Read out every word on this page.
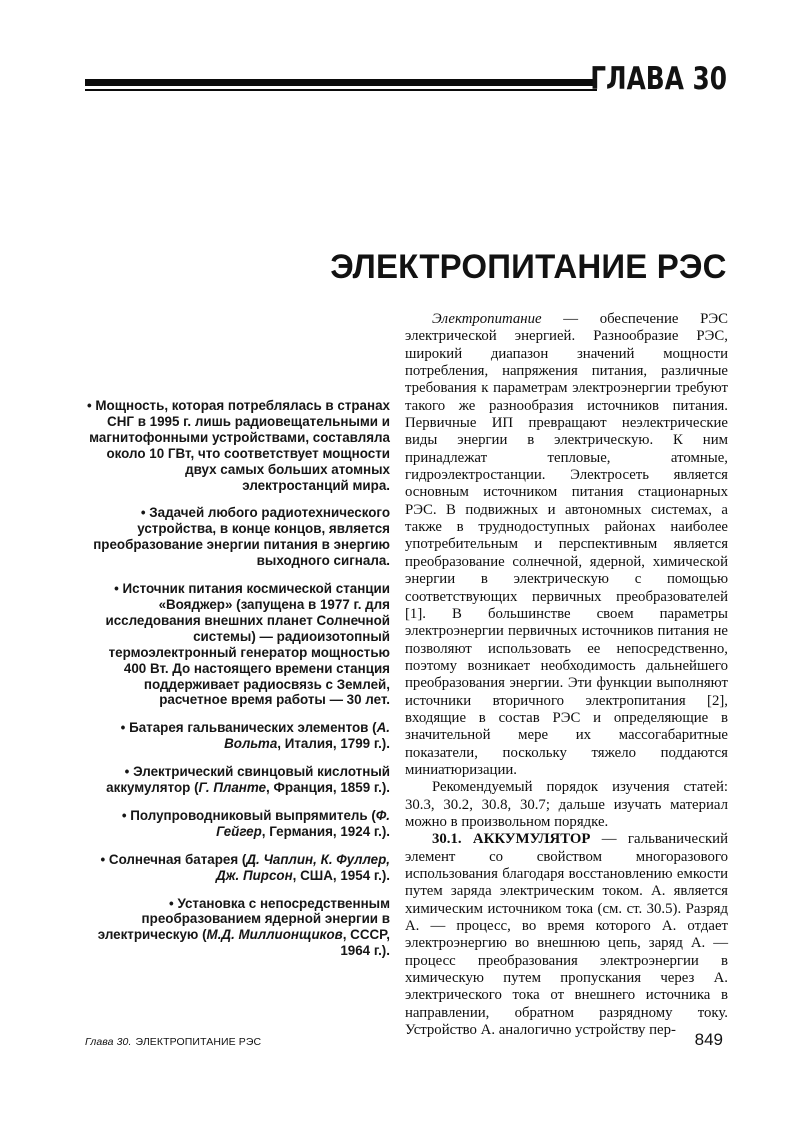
ГЛАВА 30
ЭЛЕКТРОПИТАНИЕ РЭС
• Мощность, которая потреблялась в странах СНГ в 1995 г. лишь радиовещательными и магнитофонными устройствами, составляла около 10 ГВт, что соответствует мощности двух самых больших атомных электростанций мира.
• Задачей любого радиотехнического устройства, в конце концов, является преобразование энергии питания в энергию выходного сигнала.
• Источник питания космической станции «Вояджер» (запущена в 1977 г. для исследования внешних планет Солнечной системы) — радиоизотопный термоэлектронный генератор мощностью 400 Вт. До настоящего времени станция поддерживает радиосвязь с Землей, расчетное время работы — 30 лет.
• Батарея гальванических элементов (А. Вольта, Италия, 1799 г.).
• Электрический свинцовый кислотный аккумулятор (Г. Планте, Франция, 1859 г.).
• Полупроводниковый выпрямитель (Ф. Гейгер, Германия, 1924 г.).
• Солнечная батарея (Д. Чаплин, К. Фуллер, Дж. Пирсон, США, 1954 г.).
• Установка с непосредственным преобразованием ядерной энергии в электрическую (М.Д. Миллионщиков, СССР, 1964 г.).

Электропитание — обеспечение РЭС электрической энергией. Разнообразие РЭС, широкий диапазон значений мощности потребления, напряжения питания, различные требования к параметрам электроэнергии требуют такого же разнообразия источников питания. Первичные ИП превращают неэлектрические виды энергии в электрическую. К ним принадлежат тепловые, атомные, гидроэлектростанции. Электросеть является основным источником питания стационарных РЭС. В подвижных и автономных системах, а также в труднодоступных районах наиболее употребительным и перспективным является преобразование солнечной, ядерной, химической энергии в электрическую с помощью соответствующих первичных преобразователей [1]. В большинстве своем параметры электроэнергии первичных источников питания не позволяют использовать ее непосредственно, поэтому возникает необходимость дальнейшего преобразования энергии. Эти функции выполняют источники вторичного электропитания [2], входящие в состав РЭС и определяющие в значительной мере их массогабаритные показатели, поскольку тяжело поддаются миниатюризации.

Рекомендуемый порядок изучения статей: 30.3, 30.2, 30.8, 30.7; дальше изучать материал можно в произвольном порядке.

30.1. АККУМУЛЯТОР — гальванический элемент со свойством многоразового использования благодаря восстановлению емкости путем заряда электрическим током. А. является химическим источником тока (см. ст. 30.5). Разряд А. — процесс, во время которого А. отдает электроэнергию во внешнюю цепь, заряд А. — процесс преобразования электроэнергии в химическую путем пропускания через А. электрического тока от внешнего источника в направлении, обратном разрядному току. Устройство А. аналогично устройству пер-

Глава 30. ЭЛЕКТРОПИТАНИЕ РЭС	849
